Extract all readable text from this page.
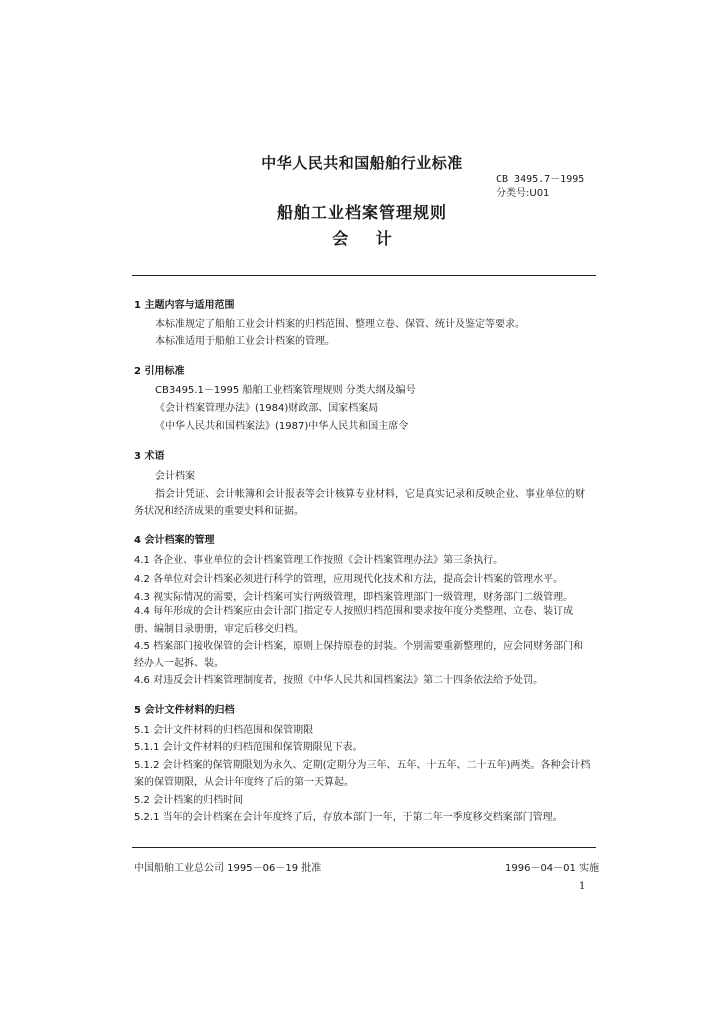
中华人民共和国船舶行业标准
CB 3495.7－1995
分类号:U01
船舶工业档案管理规则
会 计
1 主题内容与适用范围
本标准规定了船舶工业会计档案的归档范围、整理立卷、保管、统计及鉴定等要求。
本标准适用于船舶工业会计档案的管理。
2 引用标准
CB3495.1－1995 船舶工业档案管理规则 分类大纲及编号
《会计档案管理办法》(1984)财政部、国家档案局
《中华人民共和国档案法》(1987)中华人民共和国主席令
3 术语
会计档案
指会计凭证、会计帐簿和会计报表等会计核算专业材料，它是真实记录和反映企业、事业单位的财
务状况和经济成果的重要史料和证据。
4 会计档案的管理
4.1 各企业、事业单位的会计档案管理工作按照《会计档案管理办法》第三条执行。
4.2 各单位对会计档案必须进行科学的管理，应用现代化技术和方法，提高会计档案的管理水平。
4.3 视实际情况的需要，会计档案可实行两级管理，即档案管理部门一级管理，财务部门二级管理。
4.4 每年形成的会计档案应由会计部门指定专人按照归档范围和要求按年度分类整理、立卷、装订成
册、编制目录册册，审定后移交归档。
4.5 档案部门接收保管的会计档案，原则上保持原卷的封装。个别需要重新整理的，应会同财务部门和
经办人一起拆、装。
4.6 对违反会计档案管理制度者，按照《中华人民共和国档案法》第二十四条依法给予处罚。
5 会计文件材料的归档
5.1 会计文件材料的归档范围和保管期限
5.1.1 会计文件材料的归档范围和保管期限见下表。
5.1.2 会计档案的保管期限划为永久、定期(定期分为三年、五年、十五年、二十五年)两类。各种会计档
案的保管期限，从会计年度终了后的第一天算起。
5.2 会计档案的归档时间
5.2.1 当年的会计档案在会计年度终了后，存放本部门一年，于第二年一季度移交档案部门管理。
中国船舶工业总公司 1995－06－19 批准	1996－04－01 实施
1
